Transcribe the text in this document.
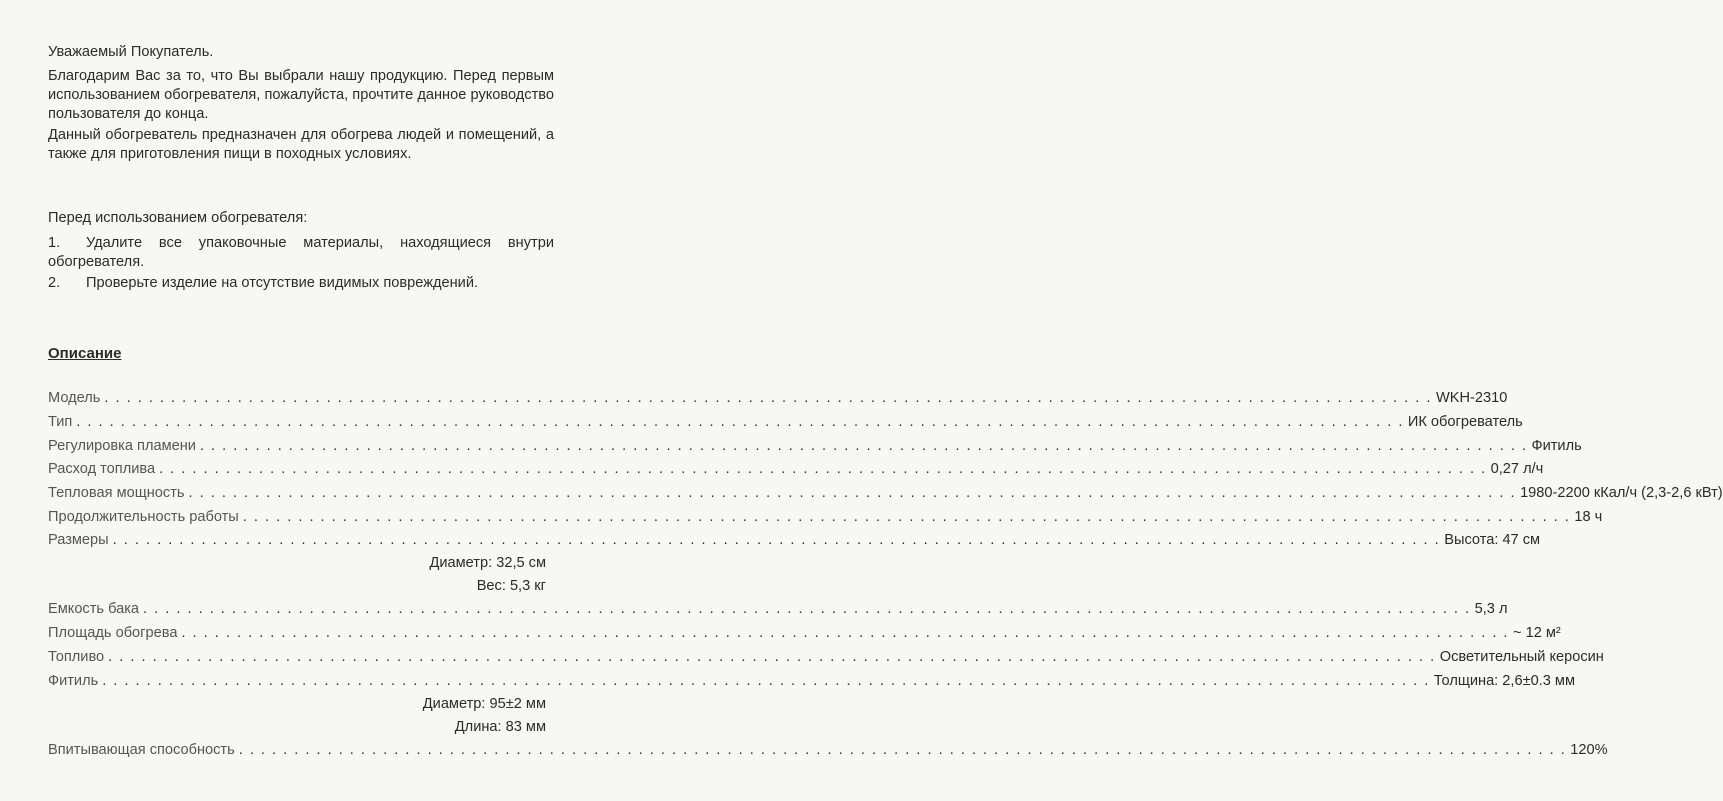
Уважаемый Покупатель.

Благодарим Вас за то, что Вы выбрали нашу продукцию. Перед первым использованием обогревателя, пожалуйста, прочтите данное руководство пользователя до конца.

Данный обогреватель предназначен для обогрева людей и помещений, а также для приготовления пищи в походных условиях.

Перед использованием обогревателя:

1.	Удалите все упаковочные материалы, находящиеся внутри обогревателя.
2. Проверьте изделие на отсутствие видимых повреждений.
Описание
Модель . . . . . . . . . . . . . . . . . . . . . . . . . . . . . . . . . . . . . . . . . . . . . . . . . . . . . . . . . . . . . . . . . . . . . . . . . . . . . . . . . . . . . . . . . . . . . . . . . . . . . . . . . . . . . . . . . . . . . . . . WKH-2310
Тип . . . . . . . . . . . . . . . . . . . . . . . . . . . . . . . . . . . . . . . . . . . . . . . . . . . . . . . . . . . . . . . . . . . . . . . . . . . . . . . . . . . . . . . . . . . . . . . . . . . . . . . . . . . . . . . . . . . . . . . . ИК обогреватель
Регулировка пламени . . . . . . . . . . . . . . . . . . . . . . . . . . . . . . . . . . . . . . . . . . . . . . . . . . . . . . . . . . . . . . . . . . . . . . . . . . . . . . . . . . . . . . . . . . . . . . . . . . . . . . . . . . . . . . . . . . . . . . . . Фитиль
Расход топлива . . . . . . . . . . . . . . . . . . . . . . . . . . . . . . . . . . . . . . . . . . . . . . . . . . . . . . . . . . . . . . . . . . . . . . . . . . . . . . . . . . . . . . . . . . . . . . . . . . . . . . . . . . . . . . . . . . . . . . . . 0,27 л/ч
Тепловая мощность . . . . . . . . . . . . . . . . . . . . . . . . . . . . . . . . . . . . . . . . . . . . . . . . . . . . . . . . . . . . . . . . . . . . . . . . . . . . . . . . . . . . . . . . . . . . . . . . . . . . . . . . . . . . . . . . . . . . . . . . 1980-2200 кКал/ч (2,3-2,6 кВт)
Продолжительность работы . . . . . . . . . . . . . . . . . . . . . . . . . . . . . . . . . . . . . . . . . . . . . . . . . . . . . . . . . . . . . . . . . . . . . . . . . . . . . . . . . . . . . . . . . . . . . . . . . . . . . . . . . . . . . . . . . . . . . . . . 18 ч
Размеры . . . . . . . . . . . . . . . . . . . . . . . . . . . . . . . . . . . . . . . . . . . . . . . . . . . . . . . . . . . . . . . . . . . . . . . . . . . . . . . . . . . . . . . . . . . . . . . . . . . . . . . . . . . . . . . . . . . . . . . . Высота: 47 см
Диаметр: 32,5 см
Вес: 5,3 кг
Емкость бака . . . . . . . . . . . . . . . . . . . . . . . . . . . . . . . . . . . . . . . . . . . . . . . . . . . . . . . . . . . . . . . . . . . . . . . . . . . . . . . . . . . . . . . . . . . . . . . . . . . . . . . . . . . . . . . . . . . . . . . . 5,3 л
Площадь обогрева . . . . . . . . . . . . . . . . . . . . . . . . . . . . . . . . . . . . . . . . . . . . . . . . . . . . . . . . . . . . . . . . . . . . . . . . . . . . . . . . . . . . . . . . . . . . . . . . . . . . . . . . . . . . . . . . . . . . . . . . ~ 12 м²
Топливо . . . . . . . . . . . . . . . . . . . . . . . . . . . . . . . . . . . . . . . . . . . . . . . . . . . . . . . . . . . . . . . . . . . . . . . . . . . . . . . . . . . . . . . . . . . . . . . . . . . . . . . . . . . . . . . . . . . . . . . . Осветительный керосин
Фитиль . . . . . . . . . . . . . . . . . . . . . . . . . . . . . . . . . . . . . . . . . . . . . . . . . . . . . . . . . . . . . . . . . . . . . . . . . . . . . . . . . . . . . . . . . . . . . . . . . . . . . . . . . . . . . . . . . . . . . . . . Толщина: 2,6±0.3 мм
Диаметр: 95±2 мм
Длина: 83 мм
Впитывающая способность . . . . . . . . . . . . . . . . . . . . . . . . . . . . . . . . . . . . . . . . . . . . . . . . . . . . . . . . . . . . . . . . . . . . . . . . . . . . . . . . . . . . . . . . . . . . . . . . . . . . . . . . . . . . . . . . . . . . . . . . 120%
